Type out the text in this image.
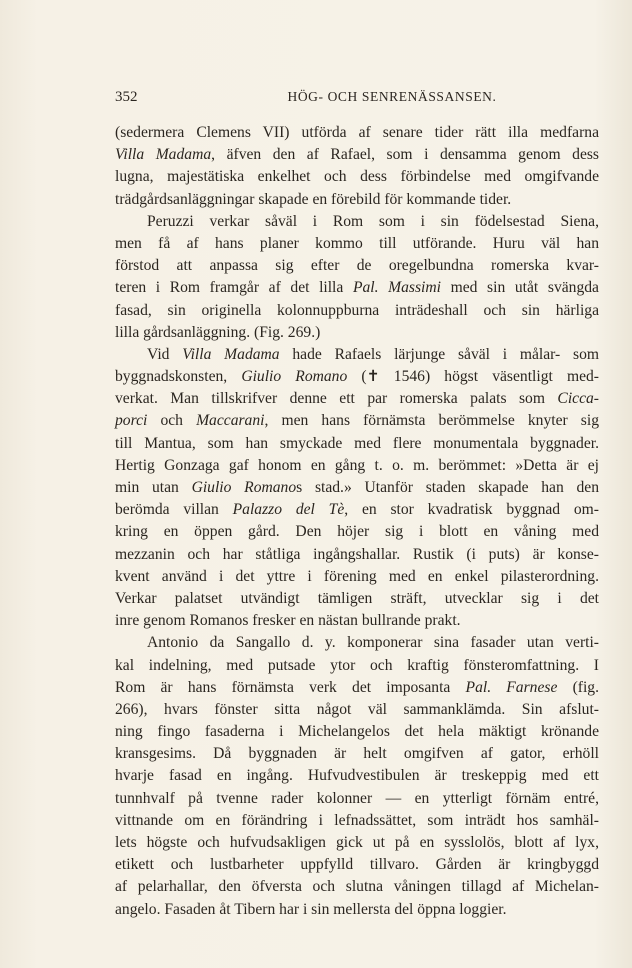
352	HÖG- OCH SENRENÄSSANSEN.
(sedermera Clemens VII) utförda af senare tider rätt illa medfarna
Villa Madama, äfven den af Rafael, som i densamma genom dess
lugna, majestätiska enkelhet och dess förbindelse med omgifvande
trädgårdsanläggningar skapade en förebild för kommande tider.
Peruzzi verkar såväl i Rom som i sin födelsestad Siena,
men få af hans planer kommo till utförande. Huru väl han
förstod att anpassa sig efter de oregelbundna romerska kvar-
teren i Rom framgår af det lilla Pal. Massimi med sin utåt svängda
fasad, sin originella kolonnuppburna inträdeshall och sin härliga
lilla gårdsanläggning. (Fig. 269.)
Vid Villa Madama hade Rafaels lärjunge såväl i målar- som
byggnadskonsten, Giulio Romano (✝ 1546) högst väsentligt med-
verkat. Man tillskrifver denne ett par romerska palats som Cicca-
porci och Maccarani, men hans förnämsta berömmelse knyter sig
till Mantua, som han smyckade med flere monumentala byggnader.
Hertig Gonzaga gaf honom en gång t. o. m. berömmet: »Detta är ej
min utan Giulio Romanos stad.» Utanför staden skapade han den
berömda villan Palazzo del Tè, en stor kvadratisk byggnad om-
kring en öppen gård. Den höjer sig i blott en våning med
mezzanin och har ståtliga ingångshallar. Rustik (i puts) är konse-
kvent använd i det yttre i förening med en enkel pilasterordning.
Verkar palatset utvändigt tämligen sträft, utvecklar sig i det
inre genom Romanos fresker en nästan bullrande prakt.
Antonio da Sangallo d. y. komponerar sina fasader utan verti-
kal indelning, med putsade ytor och kraftig fönsteromfattning. I
Rom är hans förnämsta verk det imposanta Pal. Farnese (fig.
266), hvars fönster sitta något väl sammanklämda. Sin afslut-
ning fingo fasaderna i Michelangelos det hela mäktigt krönande
kransgesims. Då byggnaden är helt omgifven af gator, erhöll
hvarje fasad en ingång. Hufvudvestibulen är treskeppig med ett
tunnhvalf på tvenne rader kolonner — en ytterligt förnäm entré,
vittnande om en förändring i lefnadssättet, som inträdt hos samhäl-
lets högste och hufvudsakligen gick ut på en sysslolös, blott af lyx,
etikett och lustbarheter uppfylld tillvaro. Gården är kringbyggd
af pelarhallar, den öfversta och slutna våningen tillagd af Michelan-
angelo. Fasaden åt Tibern har i sin mellersta del öppna loggier.
